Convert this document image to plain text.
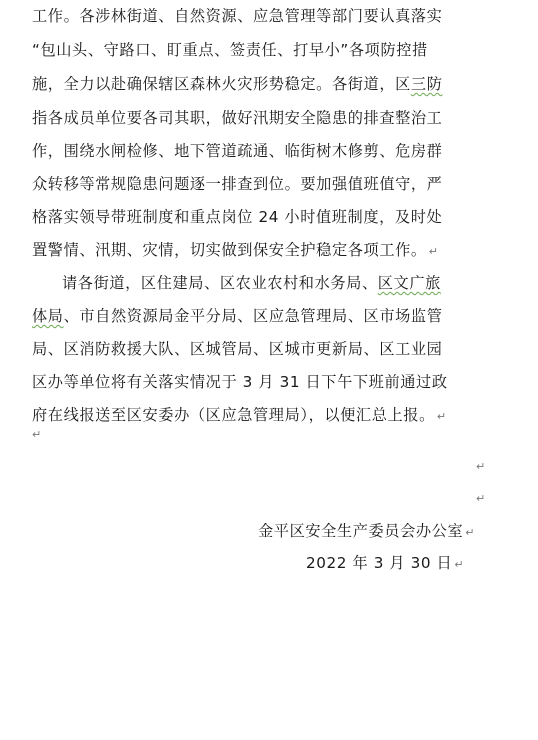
工作。各涉林街道、自然资源、应急管理等部门要认真落实
“包山头、守路口、盯重点、签责任、打早小”各项防控措
施，全力以赴确保辖区森林火灾形势稳定。各街道，区三防
指各成员单位要各司其职，做好汛期安全隐患的排查整治工
作，围绕水闸检修、地下管道疏通、临街树木修剪、危房群
众转移等常规隐患问题逐一排查到位。要加强值班值守，严
格落实领导带班制度和重点岗位 24 小时值班制度，及时处
置警情、汛期、灾情，切实做到保安全护稳定各项工作。 ↵
请各街道，区住建局、区农业农村和水务局、区文广旅
体局、市自然资源局金平分局、区应急管理局、区市场监管
局、区消防救援大队、区城管局、区城市更新局、区工业园
区办等单位将有关落实情况于 3 月 31 日下午下班前通过政
府在线报送至区安委办（区应急管理局），以便汇总上报。 ↵
↵
↵
↵
金平区安全生产委员会办公室 ↵
2022 年 3 月 30 日 ↵
